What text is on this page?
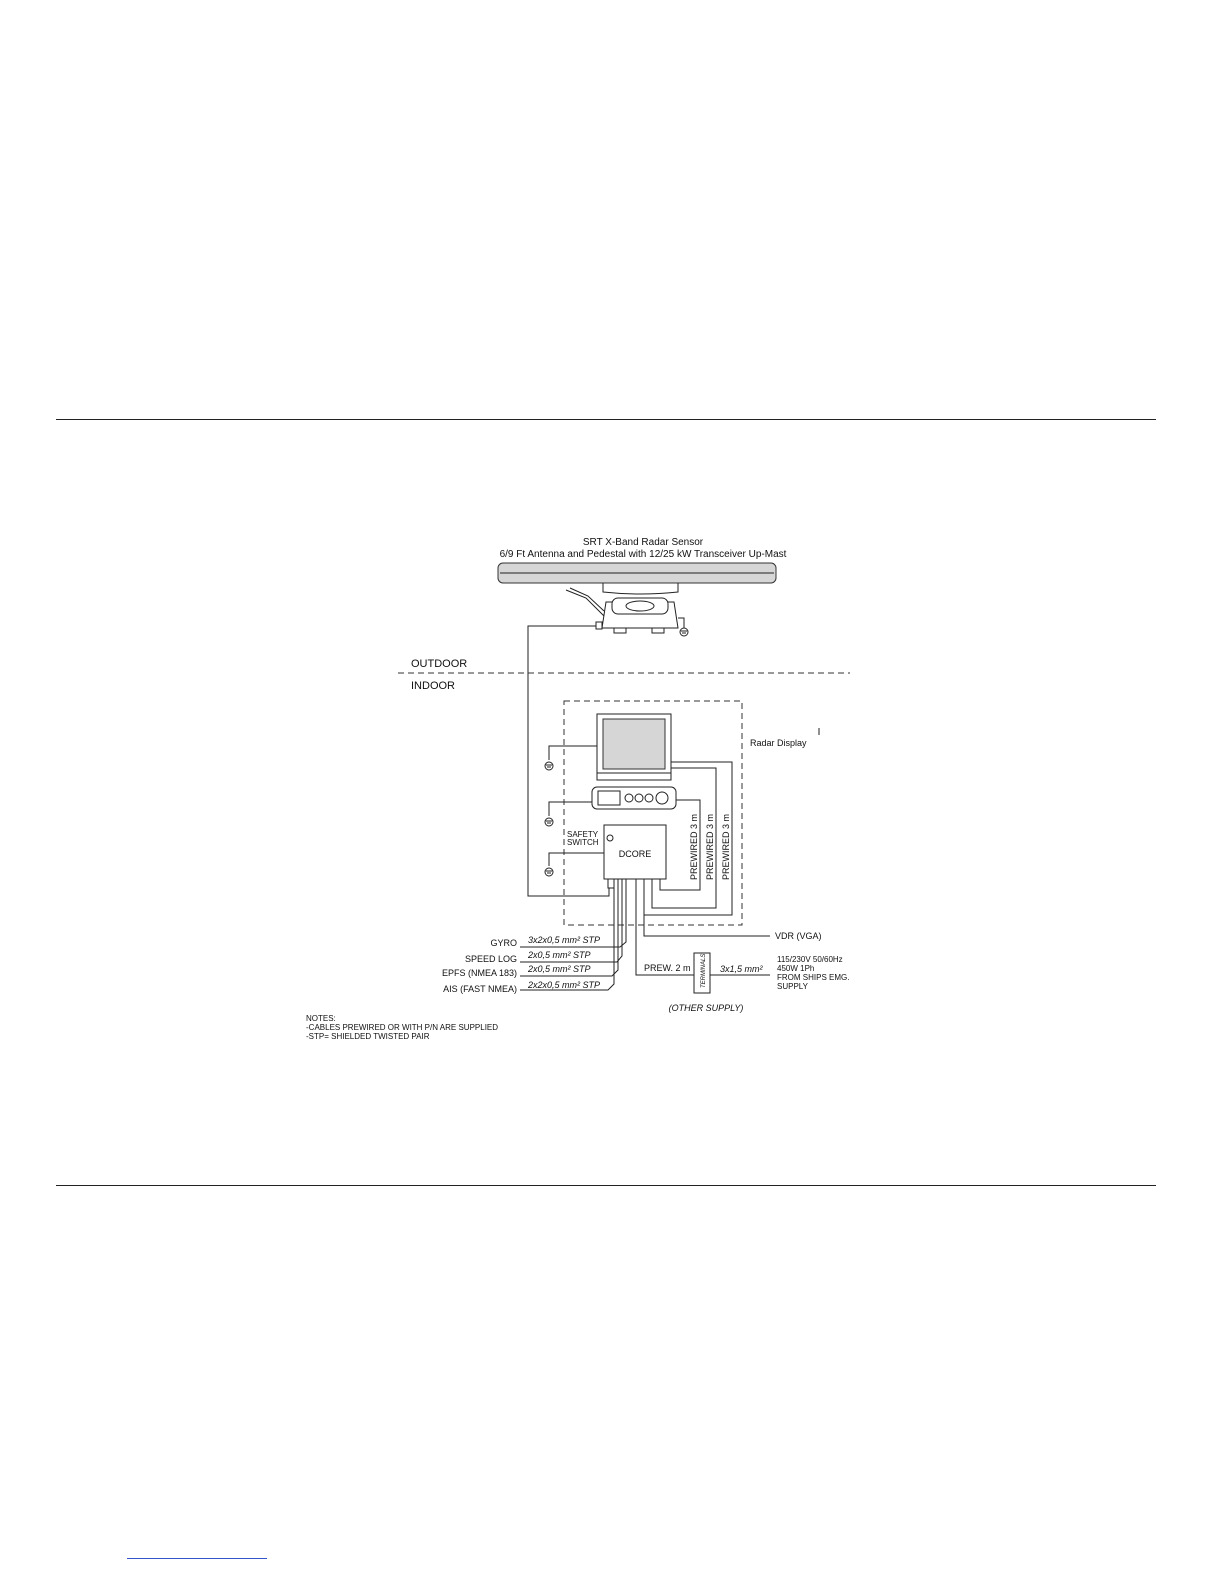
SRT X-Band Radar Sensor
6/9 Ft Antenna and Pedestal with 12/25 kW Transceiver Up-Mast
OUTDOOR
INDOOR
Radar Display
DCORE
SAFETY
SWITCH	PREWIRED 3 m PREWIRED 3 m PREWIRED 3 m
VDR (VGA)
GYRO 3x2x0,5 mm² STP
SPEED LOG 2x0,5 mm² STP
EPFS (NMEA 183) 2x0,5 mm² STP
AIS (FAST NMEA) 2x2x0,5 mm² STP
PREW. 2 m TERMINALS 3x1,5 mm²
115/230V 50/60Hz
450W 1Ph
FROM SHIPS EMG.
SUPPLY
(OTHER SUPPLY)
NOTES:
-CABLES PREWIRED OR WITH P/N ARE SUPPLIED
-STP= SHIELDED TWISTED PAIR
